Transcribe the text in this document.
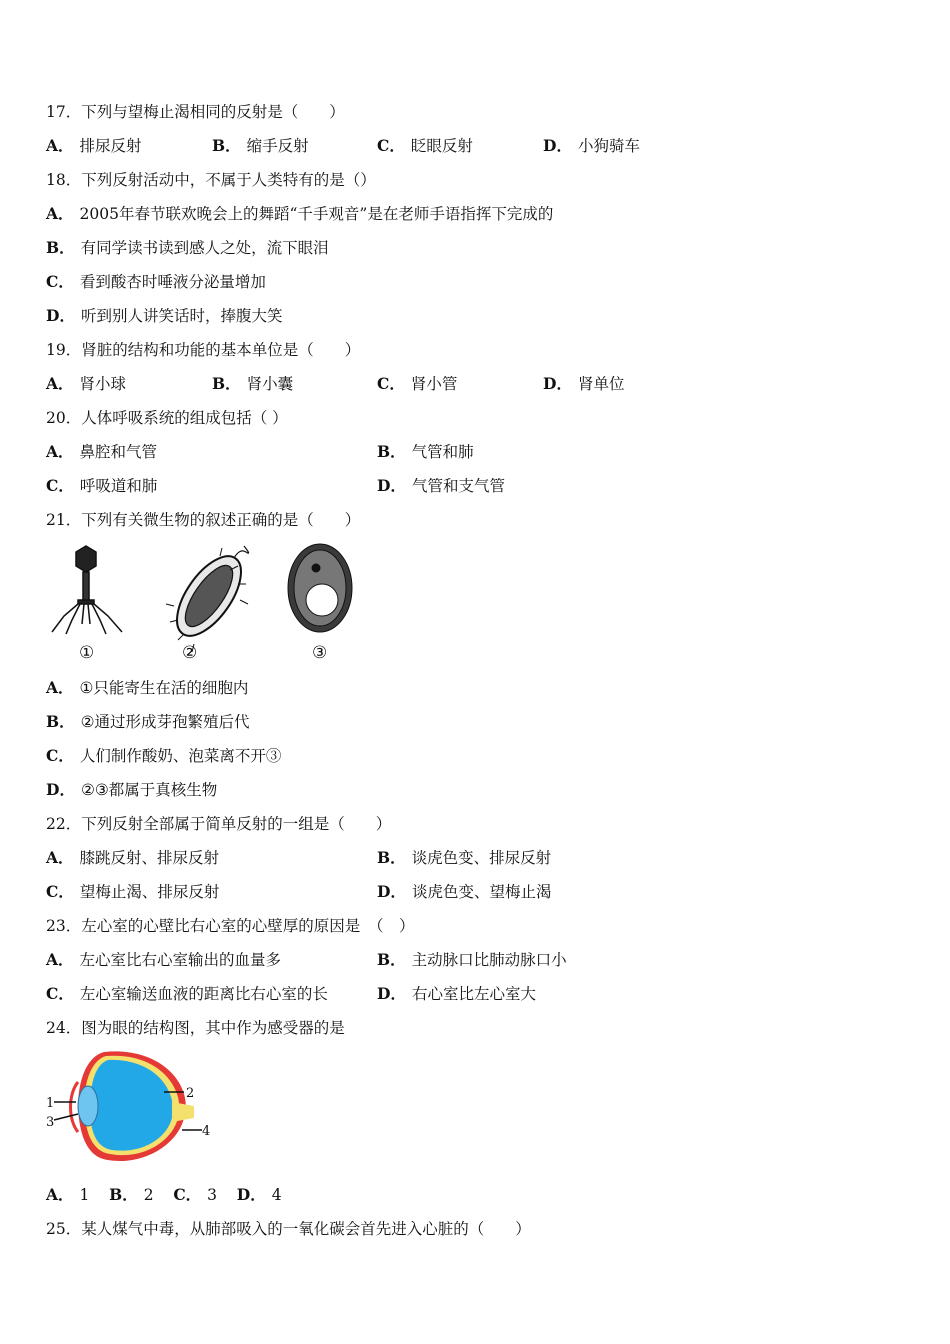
17．下列与望梅止渴相同的反射是（　　）
A． 排尿反射	B． 缩手反射	C． 眨眼反射	D． 小狗骑车
18．下列反射活动中，不属于人类特有的是（）
A． 2005年春节联欢晚会上的舞蹈“千手观音”是在老师手语指挥下完成的
B． 有同学读书读到感人之处，流下眼泪
C． 看到酸杏时唾液分泌量增加
D． 听到别人讲笑话时，捧腹大笑
19．肾脏的结构和功能的基本单位是（　　）
A． 肾小球	B． 肾小囊	C． 肾小管	D． 肾单位
20．人体呼吸系统的组成包括（ ）
A． 鼻腔和气管	B． 气管和肺
C． 呼吸道和肺	D． 气管和支气管
21．下列有关微生物的叙述正确的是（　　）
①	②	③
A． ①只能寄生在活的细胞内
B． ②通过形成芽孢繁殖后代
C． 人们制作酸奶、泡菜离不开③
D． ②③都属于真核生物
22．下列反射全部属于简单反射的一组是（　　）
A． 膝跳反射、排尿反射	B． 谈虎色变、排尿反射
C． 望梅止渴、排尿反射	D． 谈虎色变、望梅止渴
23．左心室的心壁比右心室的心壁厚的原因是　（　）
A． 左心室比右心室输出的血量多	B． 主动脉口比肺动脉口小
C． 左心室输送血液的距离比右心室的长	D． 右心室比左心室大
24．图为眼的结构图，其中作为感受器的是
1
2
3
4
A． 1 B． 2 C． 3 D． 4
25．某人煤气中毒，从肺部吸入的一氧化碳会首先进入心脏的（　　）
